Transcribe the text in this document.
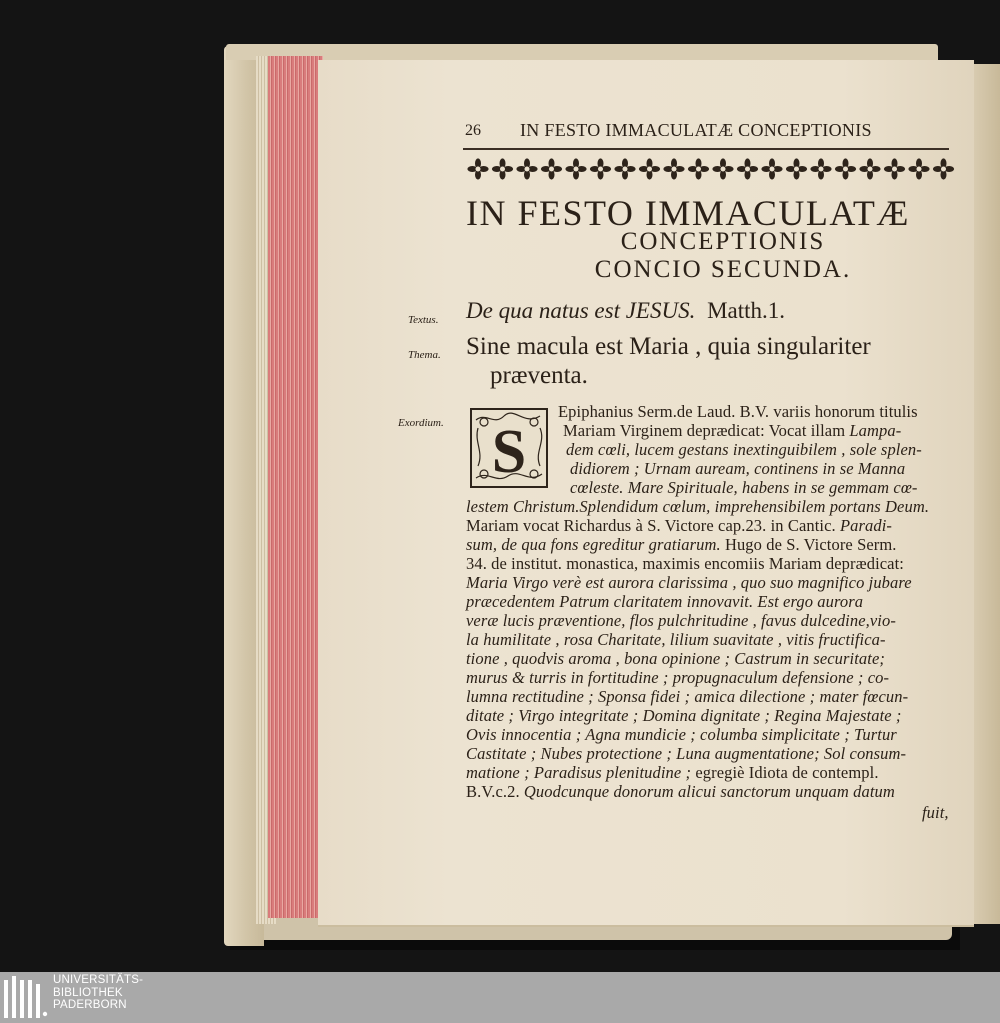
26 IN FESTO IMMACULATÆ CONCEPTIONIS
IN FESTO IMMACULATÆ
CONCEPTIONIS
CONCIO SECUNDA.
Textus.
Thema.
Exordium.
De qua natus est JESUS. Matth.1.
Sine macula est Maria , quia singulariter
præventa.
S
Epiphanius Serm.de Laud. B.V. variis honorum titulis
Mariam Virginem deprædicat: Vocat illam Lampa-
dem cœli, lucem gestans inextinguibilem , sole splen-
didiorem ; Urnam auream, continens in se Manna
cœleste. Mare Spirituale, habens in se gemmam cœ-
lestem Christum.Splendidum cœlum, imprehensibilem portans Deum.
Mariam vocat Richardus à S. Victore cap.23. in Cantic. Paradi-
sum, de qua fons egreditur gratiarum. Hugo de S. Victore Serm.
34. de institut. monastica, maximis encomiis Mariam deprædicat:
Maria Virgo verè est aurora clarissima , quo suo magnifico jubare
præcedentem Patrum claritatem innovavit. Est ergo aurora
veræ lucis præventione, flos pulchritudine , favus dulcedine,vio-
la humilitate , rosa Charitate, lilium suavitate , vitis fructifica-
tione , quodvis aroma , bona opinione ; Castrum in securitate;
murus & turris in fortitudine ; propugnaculum defensione ; co-
lumna rectitudine ; Sponsa fidei ; amica dilectione ; mater fœcun-
ditate ; Virgo integritate ; Domina dignitate ; Regina Majestate ;
Ovis innocentia ; Agna mundicie ; columba simplicitate ; Turtur
Castitate ; Nubes protectione ; Luna augmentatione; Sol consum-
matione ; Paradisus plenitudine ; egregiè Idiota de contempl.
B.V.c.2. Quodcunque donorum alicui sanctorum unquam datum
fuit,
UNIVERSITÄTS-
BIBLIOTHEK
PADERBORN
